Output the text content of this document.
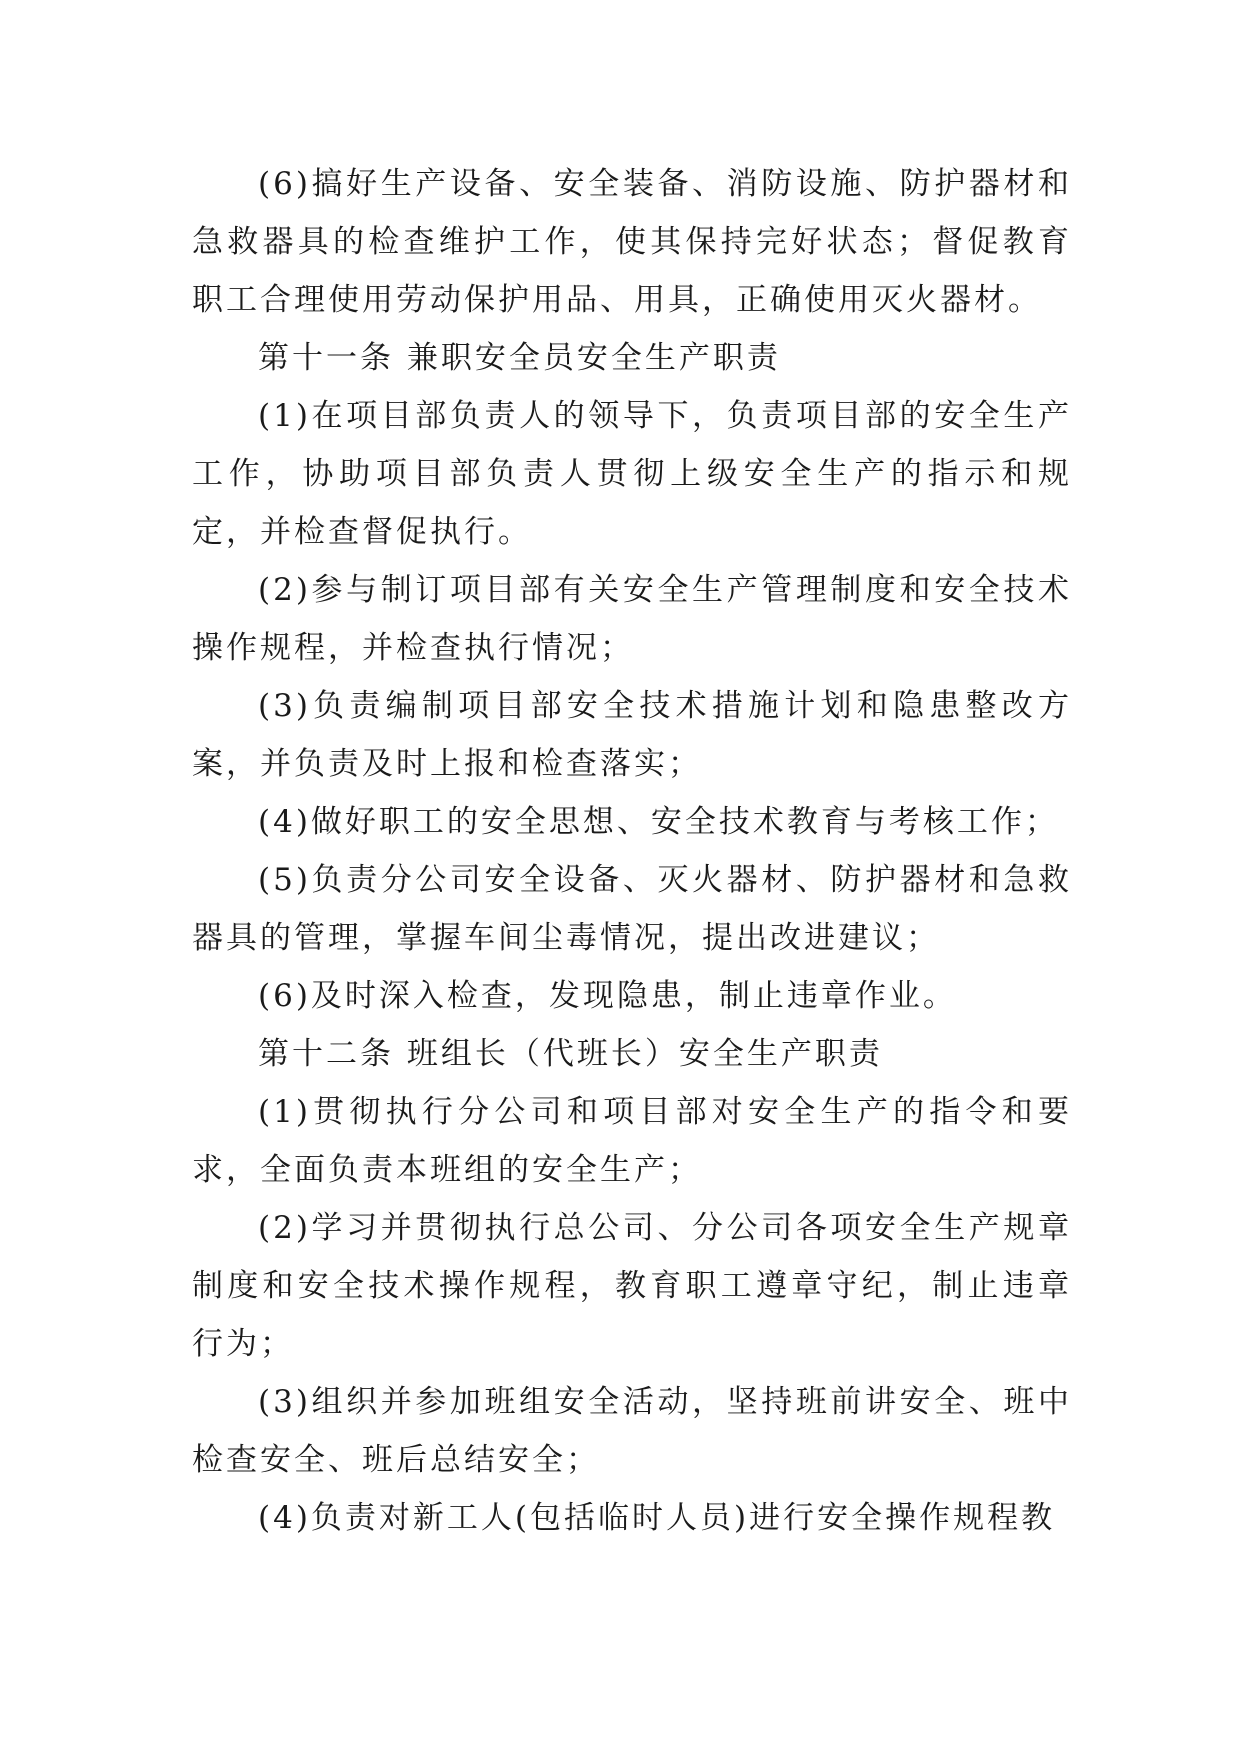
(6)搞好生产设备、安全装备、消防设施、防护器材和急救器具的检查维护工作，使其保持完好状态；督促教育职工合理使用劳动保护用品、用具，正确使用灭火器材。

第十一条 兼职安全员安全生产职责

(1)在项目部负责人的领导下，负责项目部的安全生产工作，协助项目部负责人贯彻上级安全生产的指示和规定，并检查督促执行。

(2)参与制订项目部有关安全生产管理制度和安全技术操作规程，并检查执行情况；

(3)负责编制项目部安全技术措施计划和隐患整改方案，并负责及时上报和检查落实；

(4)做好职工的安全思想、安全技术教育与考核工作；

(5)负责分公司安全设备、灭火器材、防护器材和急救器具的管理，掌握车间尘毒情况，提出改进建议；

(6)及时深入检查，发现隐患，制止违章作业。

第十二条 班组长（代班长）安全生产职责

(1)贯彻执行分公司和项目部对安全生产的指令和要求，全面负责本班组的安全生产；

(2)学习并贯彻执行总公司、分公司各项安全生产规章制度和安全技术操作规程，教育职工遵章守纪，制止违章行为；

(3)组织并参加班组安全活动，坚持班前讲安全、班中检查安全、班后总结安全；

(4)负责对新工人(包括临时人员)进行安全操作规程教
